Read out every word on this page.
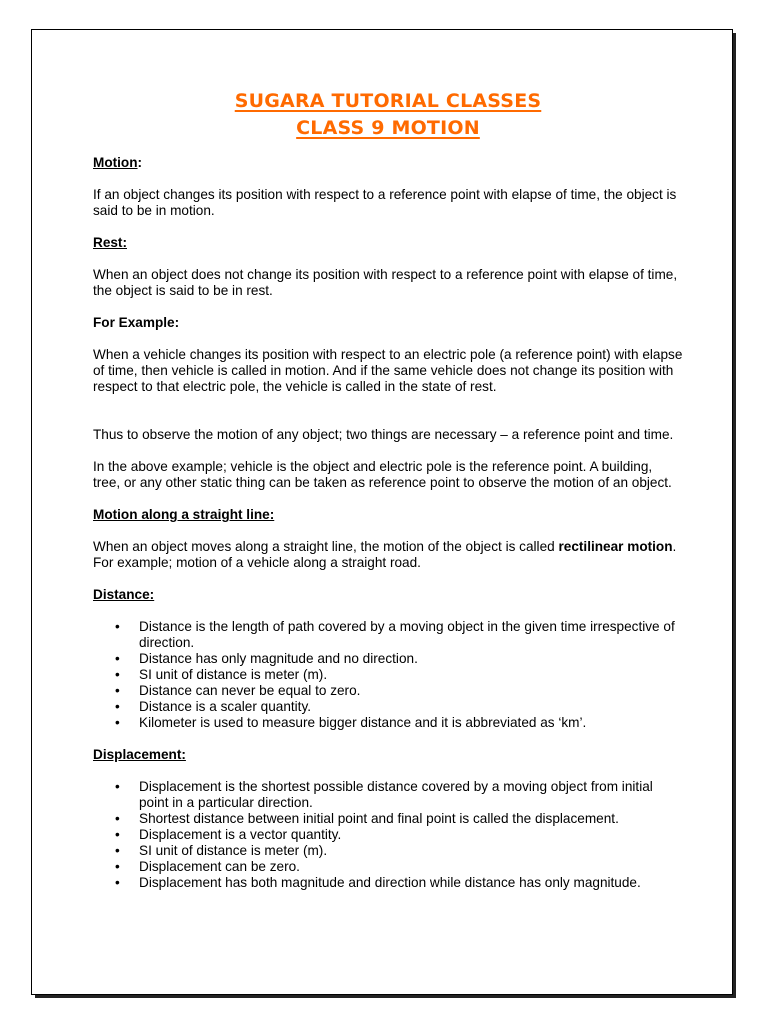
SUGARA TUTORIAL CLASSES
CLASS 9 MOTION

Motion:

If an object changes its position with respect to a reference point with elapse of time, the object is said to be in motion.

Rest:

When an object does not change its position with respect to a reference point with elapse of time, the object is said to be in rest.

For Example:

When a vehicle changes its position with respect to an electric pole (a reference point) with elapse of time, then vehicle is called in motion. And if the same vehicle does not change its position with respect to that electric pole, the vehicle is called in the state of rest.

Thus to observe the motion of any object; two things are necessary – a reference point and time.

In the above example; vehicle is the object and electric pole is the reference point. A building, tree, or any other static thing can be taken as reference point to observe the motion of an object.

Motion along a straight line:

When an object moves along a straight line, the motion of the object is called rectilinear motion. For example; motion of a vehicle along a straight road.

Distance:

• Distance is the length of path covered by a moving object in the given time irrespective of direction.
• Distance has only magnitude and no direction.
• SI unit of distance is meter (m).
• Distance can never be equal to zero.
• Distance is a scaler quantity.
• Kilometer is used to measure bigger distance and it is abbreviated as ‘km’.

Displacement:

• Displacement is the shortest possible distance covered by a moving object from initial point in a particular direction.
• Shortest distance between initial point and final point is called the displacement.
• Displacement is a vector quantity.
• SI unit of distance is meter (m).
• Displacement can be zero.
• Displacement has both magnitude and direction while distance has only magnitude.
